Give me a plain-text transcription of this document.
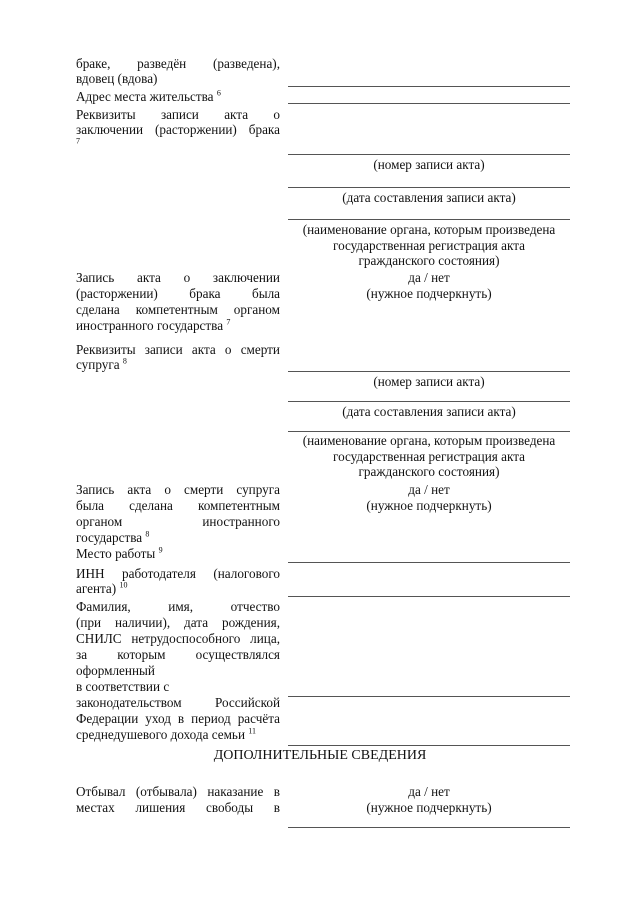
браке, разведён (разведена),
вдовец (вдова)
Адрес места жительства $^6$
Реквизиты записи акта о
заключении (расторжении) брака
$^7$
(номер записи акта)
(дата составления записи акта)
(наименование органа, которым произведена
государственная регистрация акта
гражданского состояния)
Запись акта о заключении
(расторжении) брака была
сделана компетентным органом
иностранного государства $^7$
да / нет
(нужное подчеркнуть)
Реквизиты записи акта о смерти
супруга $^8$
(номер записи акта)
(дата составления записи акта)
(наименование органа, которым произведена
государственная регистрация акта
гражданского состояния)
Запись акта о смерти супруга
была сделана компетентным
органом иностранного
государства $^8$
да / нет
(нужное подчеркнуть)
Место работы $^9$
ИНН работодателя (налогового
агента) $^{10}$
Фамилия, имя, отчество
(при наличии), дата рождения,
СНИЛС нетрудоспособного лица,
за которым осуществлялся
оформленный
в соответствии с
законодательством Российской
Федерации уход в период расчёта
среднедушевого дохода семьи $^{11}$
ДОПОЛНИТЕЛЬНЫЕ СВЕДЕНИЯ
Отбывал (отбывала) наказание в
местах лишения свободы в
да / нет
(нужное подчеркнуть)
